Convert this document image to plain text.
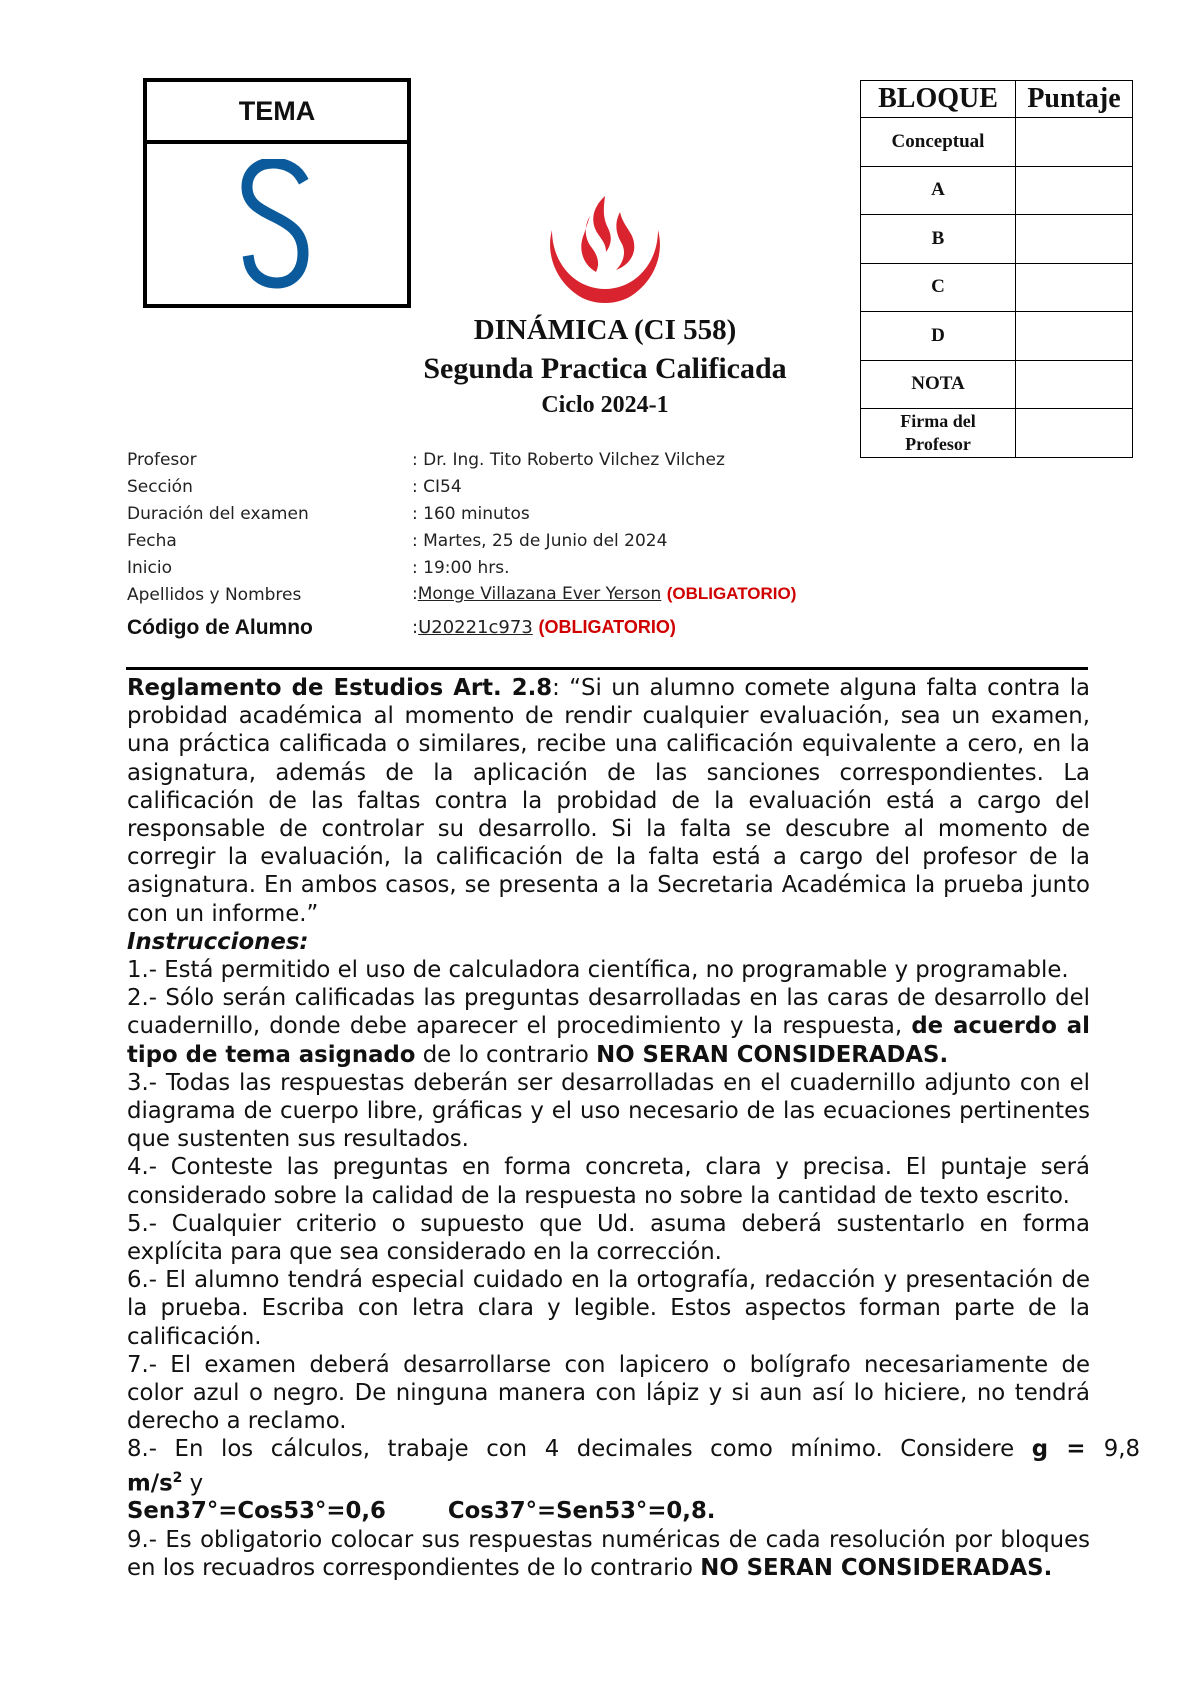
TEMA
DINÁMICA (CI 558)
Segunda Practica Calificada
Ciclo 2024-1
BLOQUE	Puntaje
Conceptual	
A	
B	
C	
D	
NOTA	
Firma del
Profesor	
Profesor	: Dr. Ing. Tito Roberto Vilchez Vilchez
Sección	: CI54
Duración del examen	: 160 minutos
Fecha	: Martes, 25 de Junio del 2024
Inicio	: 19:00 hrs.
Apellidos y Nombres	:Monge Villazana Ever Yerson (OBLIGATORIO)
Código de Alumno	:U20221c973 (OBLIGATORIO)

Reglamento de Estudios Art. 2.8: “Si un alumno comete alguna falta contra la probidad académica al momento de rendir cualquier evaluación, sea un examen, una práctica calificada o similares, recibe una calificación equivalente a cero, en la asignatura, además de la aplicación de las sanciones correspondientes. La calificación de las faltas contra la probidad de la evaluación está a cargo del responsable de controlar su desarrollo. Si la falta se descubre al momento de corregir la evaluación, la calificación de la falta está a cargo del profesor de la asignatura. En ambos casos, se presenta a la Secretaria Académica la prueba junto con un informe.”

Instrucciones:

1.- Está permitido el uso de calculadora científica, no programable y programable.

2.- Sólo serán calificadas las preguntas desarrolladas en las caras de desarrollo del cuadernillo, donde debe aparecer el procedimiento y la respuesta, de acuerdo al tipo de tema asignado de lo contrario NO SERAN CONSIDERADAS.

3.- Todas las respuestas deberán ser desarrolladas en el cuadernillo adjunto con el diagrama de cuerpo libre, gráficas y el uso necesario de las ecuaciones pertinentes que sustenten sus resultados.

4.- Conteste las preguntas en forma concreta, clara y precisa. El puntaje será considerado sobre la calidad de la respuesta no sobre la cantidad de texto escrito.

5.- Cualquier criterio o supuesto que Ud. asuma deberá sustentarlo en forma explícita para que sea considerado en la corrección.

6.- El alumno tendrá especial cuidado en la ortografía, redacción y presentación de la prueba. Escriba con letra clara y legible. Estos aspectos forman parte de la calificación.

7.- El examen deberá desarrollarse con lapicero o bolígrafo necesariamente de color azul o negro. De ninguna manera con lápiz y si aun así lo hiciere, no tendrá derecho a reclamo.

8.- En los cálculos, trabaje con 4 decimales como mínimo. Considere g = 9,8

$m/s^2$ y

Sen37°=Cos53°=0,6	Cos37°=Sen53°=0,8.

9.- Es obligatorio colocar sus respuestas numéricas de cada resolución por bloques en los recuadros correspondientes de lo contrario NO SERAN CONSIDERADAS.
